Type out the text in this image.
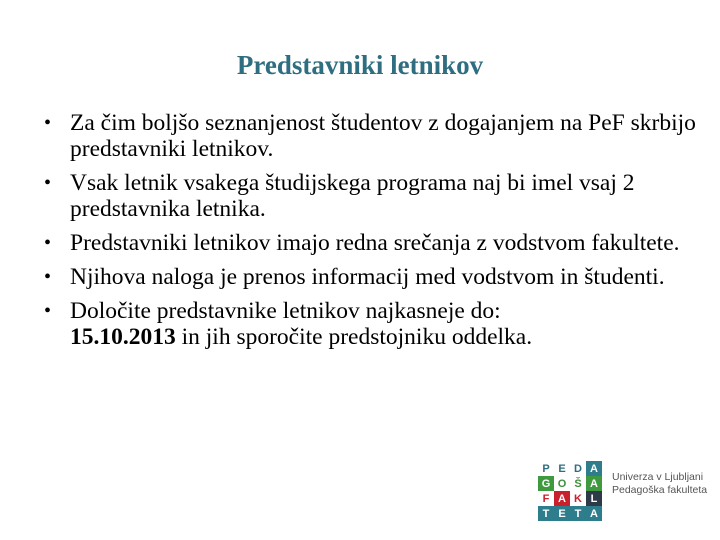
Predstavniki letnikov
• Za čim boljšo seznanjenost študentov z dogajanjem na PeF skrbijo predstavniki letnikov.
• Vsak letnik vsakega študijskega programa naj bi imel vsaj 2 predstavnika letnika.
• Predstavniki letnikov imajo redna srečanja z vodstvom fakultete.
• Njihova naloga je prenos informacij med vodstvom in študenti.
• Določite predstavnike letnikov najkasneje do:
15.10.2013 in jih sporočite predstojniku oddelka.
P E D A
G O Š A
F A K L
T E T A
Univerza v Ljubljani
Pedagoška fakulteta
